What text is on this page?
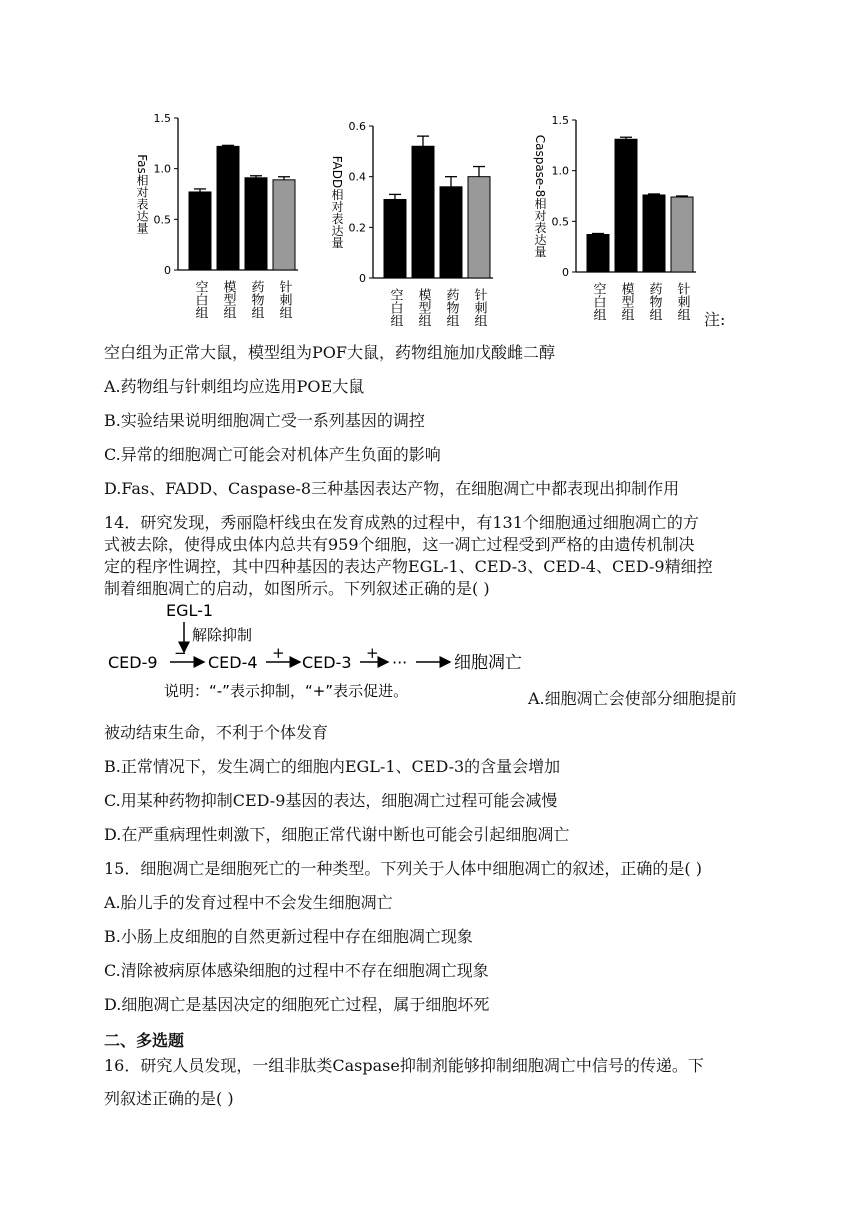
0
0.5
1.0
1.5
Fas相对表达量
空白组 模型组 药物组 针刺组
0
0.2
0.4
0.6
FADD相对表达量
空白组 模型组 药物组 针刺组
0
0.5
1.0
1.5
Caspase-8相对表达量
空白组 模型组 药物组 针刺组 注:
空白组为正常大鼠，模型组为POF大鼠，药物组施加戊酸雌二醇
A.药物组与针刺组均应选用POE大鼠
B.实验结果说明细胞凋亡受一系列基因的调控
C.异常的细胞凋亡可能会对机体产生负面的影响
D.Fas、FADD、Caspase-8三种基因表达产物，在细胞凋亡中都表现出抑制作用
14．研究发现，秀丽隐杆线虫在发育成熟的过程中，有131个细胞通过细胞凋亡的方
式被去除，使得成虫体内总共有959个细胞，这一凋亡过程受到严格的由遗传机制决
定的程序性调控，其中四种基因的表达产物EGL-1、CED-3、CED-4、CED-9精细控
制着细胞凋亡的启动，如图所示。下列叙述正确的是( )
EGL-1
解除抑制
CED-9 − CED-4 + CED-3 + ···	细胞凋亡
说明：“-”表示抑制，“+”表示促进。	A.细胞凋亡会使部分细胞提前
被动结束生命，不利于个体发育
B.正常情况下，发生凋亡的细胞内EGL-1、CED-3的含量会增加
C.用某种药物抑制CED-9基因的表达，细胞凋亡过程可能会减慢
D.在严重病理性刺激下，细胞正常代谢中断也可能会引起细胞凋亡
15．细胞凋亡是细胞死亡的一种类型。下列关于人体中细胞凋亡的叙述，正确的是( )
A.胎儿手的发育过程中不会发生细胞凋亡
B.小肠上皮细胞的自然更新过程中存在细胞凋亡现象
C.清除被病原体感染细胞的过程中不存在细胞凋亡现象
D.细胞凋亡是基因决定的细胞死亡过程，属于细胞坏死
二、多选题
16．研究人员发现，一组非肽类Caspase抑制剂能够抑制细胞凋亡中信号的传递。下
列叙述正确的是( )
